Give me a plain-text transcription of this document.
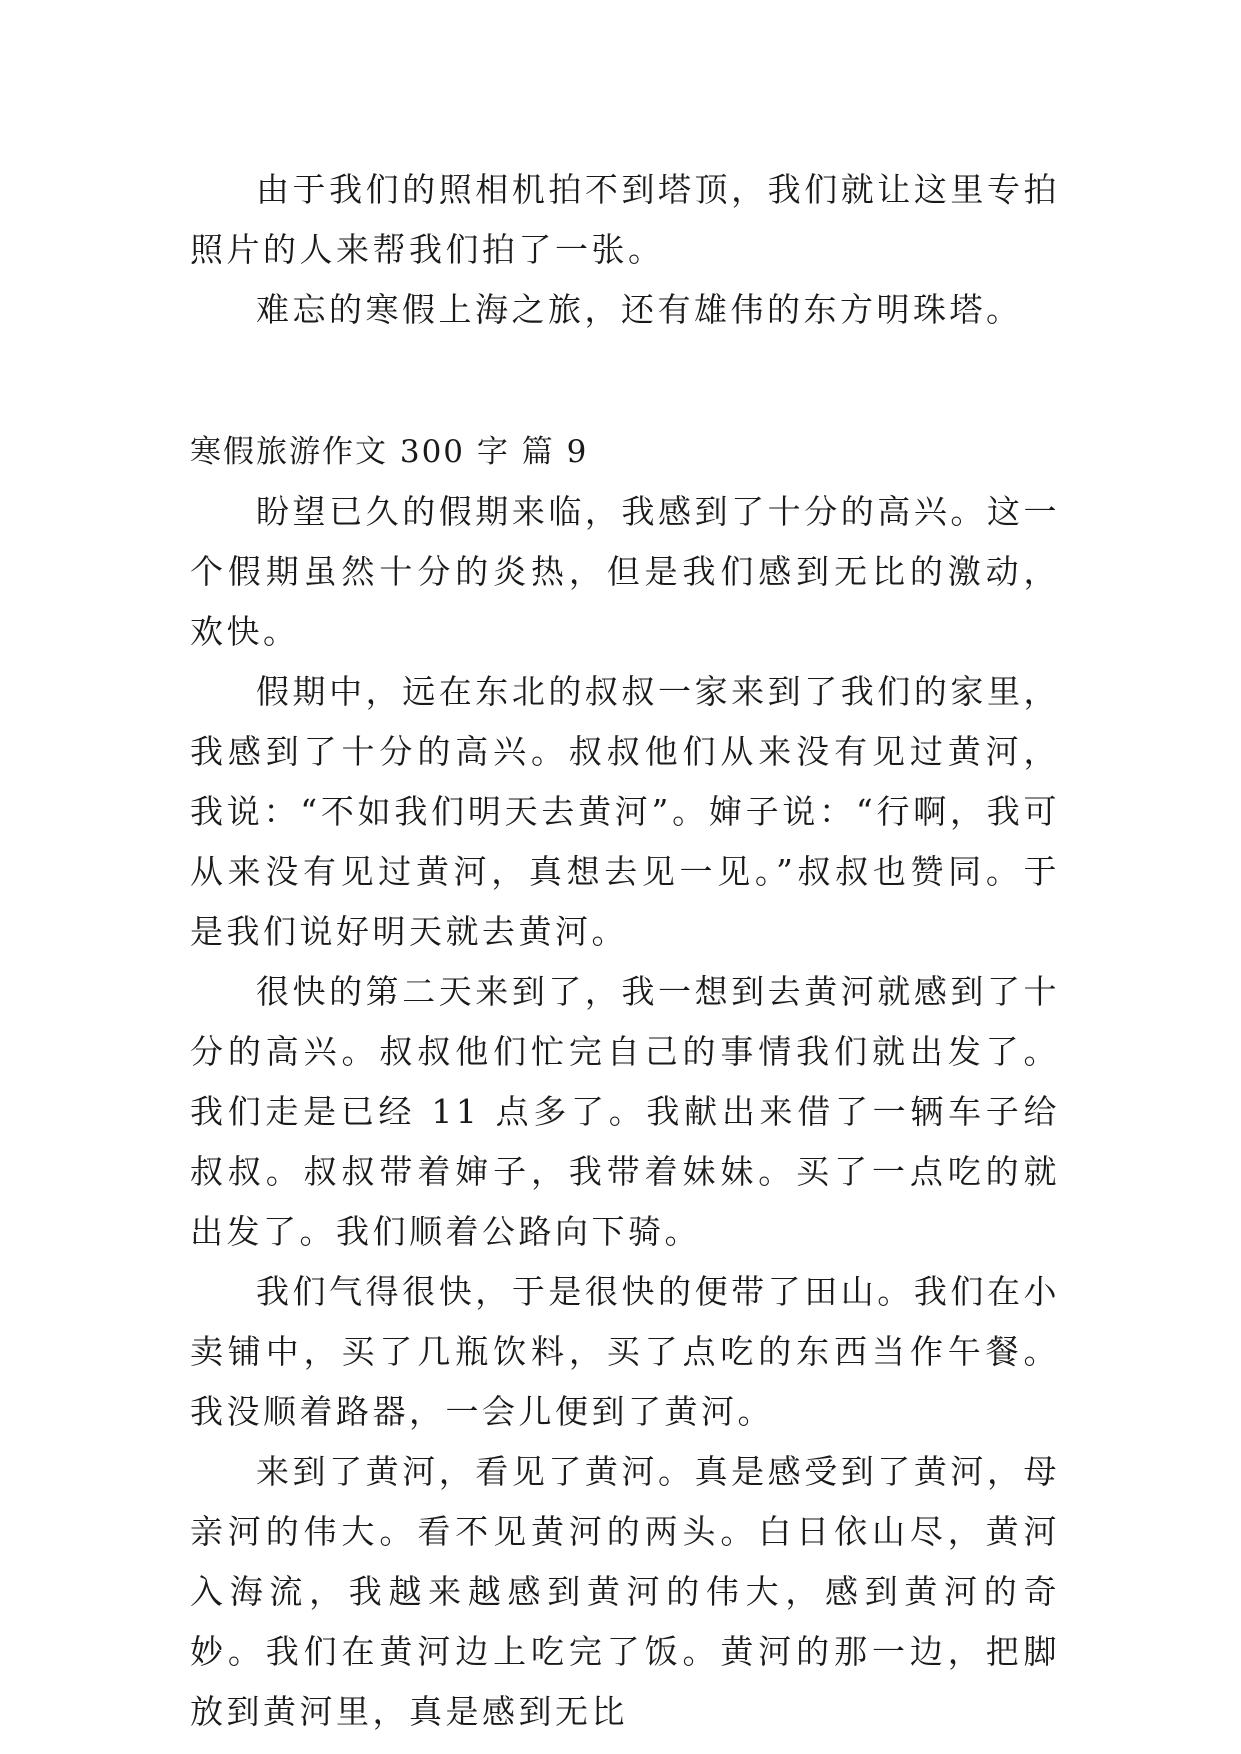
由于我们的照相机拍不到塔顶，我们就让这里专拍照片的人来帮我们拍了一张。

难忘的寒假上海之旅，还有雄伟的东方明珠塔。

寒假旅游作文 300 字 篇 9

盼望已久的假期来临，我感到了十分的高兴。这一个假期虽然十分的炎热，但是我们感到无比的激动，欢快。

假期中，远在东北的叔叔一家来到了我们的家里，我感到了十分的高兴。叔叔他们从来没有见过黄河，我说：“不如我们明天去黄河”。婶子说：“行啊，我可从来没有见过黄河，真想去见一见。”叔叔也赞同。于是我们说好明天就去黄河。

很快的第二天来到了，我一想到去黄河就感到了十分的高兴。叔叔他们忙完自己的事情我们就出发了。我们走是已经 11 点多了。我献出来借了一辆车子给叔叔。叔叔带着婶子，我带着妹妹。买了一点吃的就出发了。我们顺着公路向下骑。

我们气得很快，于是很快的便带了田山。我们在小卖铺中，买了几瓶饮料，买了点吃的东西当作午餐。我没顺着路器，一会儿便到了黄河。

来到了黄河，看见了黄河。真是感受到了黄河，母亲河的伟大。看不见黄河的两头。白日依山尽，黄河入海流，我越来越感到黄河的伟大，感到黄河的奇妙。我们在黄河边上吃完了饭。黄河的那一边，把脚放到黄河里，真是感到无比
